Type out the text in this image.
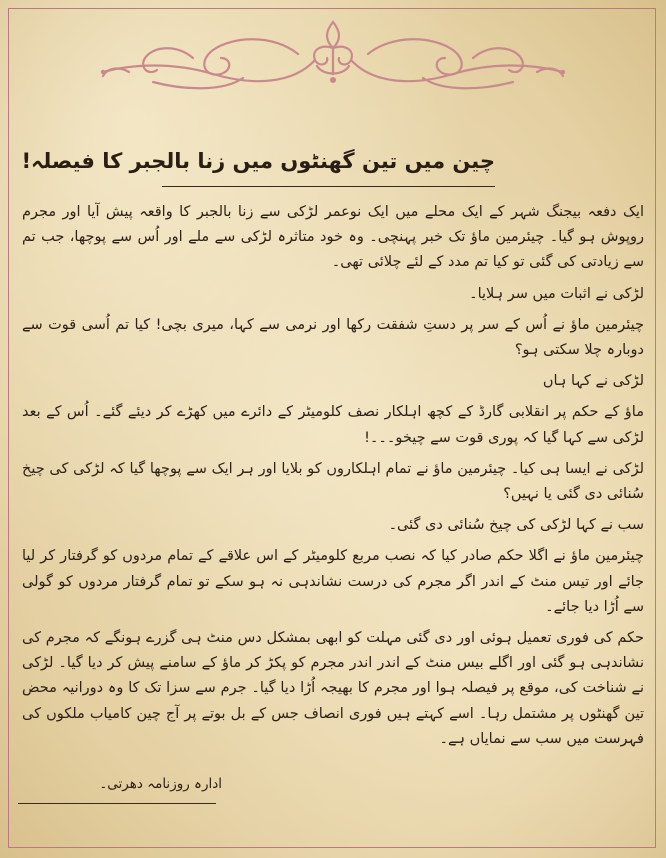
چین میں تین گھنٹوں میں زنا بالجبر کا فیصلہ!

ایک دفعہ بیجنگ شہر کے ایک محلے میں ایک نوعمر لڑکی سے زنا بالجبر کا واقعہ پیش آیا اور مجرم روپوش ہو گیا۔ چیئرمین ماؤ تک خبر پہنچی۔ وہ خود متاثرہ لڑکی سے ملے اور اُس سے پوچھا، جب تم سے زیادتی کی گئی تو کیا تم مدد کے لئے چلائی تھی۔

لڑکی نے اثبات میں سر ہلایا۔

چیئرمین ماؤ نے اُس کے سر پر دستِ شفقت رکھا اور نرمی سے کہا، میری بچی! کیا تم اُسی قوت سے دوبارہ چلا سکتی ہو؟

لڑکی نے کہا ہاں

ماؤ کے حکم پر انقلابی گارڈ کے کچھ اہلکار نصف کلومیٹر کے دائرے میں کھڑے کر دیئے گئے۔ اُس کے بعد لڑکی سے کہا گیا کہ پوری قوت سے چیخو۔۔۔!

لڑکی نے ایسا ہی کیا۔ چیئرمین ماؤ نے تمام اہلکاروں کو بلایا اور ہر ایک سے پوچھا گیا کہ لڑکی کی چیخ سُنائی دی گئی یا نہیں؟

سب نے کہا لڑکی کی چیخ سُنائی دی گئی۔

چیئرمین ماؤ نے اگلا حکم صادر کیا کہ نصب مربع کلومیٹر کے اس علاقے کے تمام مردوں کو گرفتار کر لیا جائے اور تیس منٹ کے اندر اگر مجرم کی درست نشاندہی نہ ہو سکے تو تمام گرفتار مردوں کو گولی سے اُڑا دیا جائے۔

حکم کی فوری تعمیل ہوئی اور دی گئی مہلت کو ابھی بمشکل دس منٹ ہی گزرے ہونگے کہ مجرم کی نشاندہی ہو گئی اور اگلے بیس منٹ کے اندر اندر مجرم کو پکڑ کر ماؤ کے سامنے پیش کر دیا گیا۔ لڑکی نے شناخت کی، موقع پر فیصلہ ہوا اور مجرم کا بھیجہ اُڑا دیا گیا۔ جرم سے سزا تک کا وہ دورانیہ محض تین گھنٹوں پر مشتمل رہا۔ اسے کہتے ہیں فوری انصاف جس کے بل بوتے پر آج چین کامیاب ملکوں کی فہرست میں سب سے نمایاں ہے۔

ادارہ روزنامہ دھرتی۔
